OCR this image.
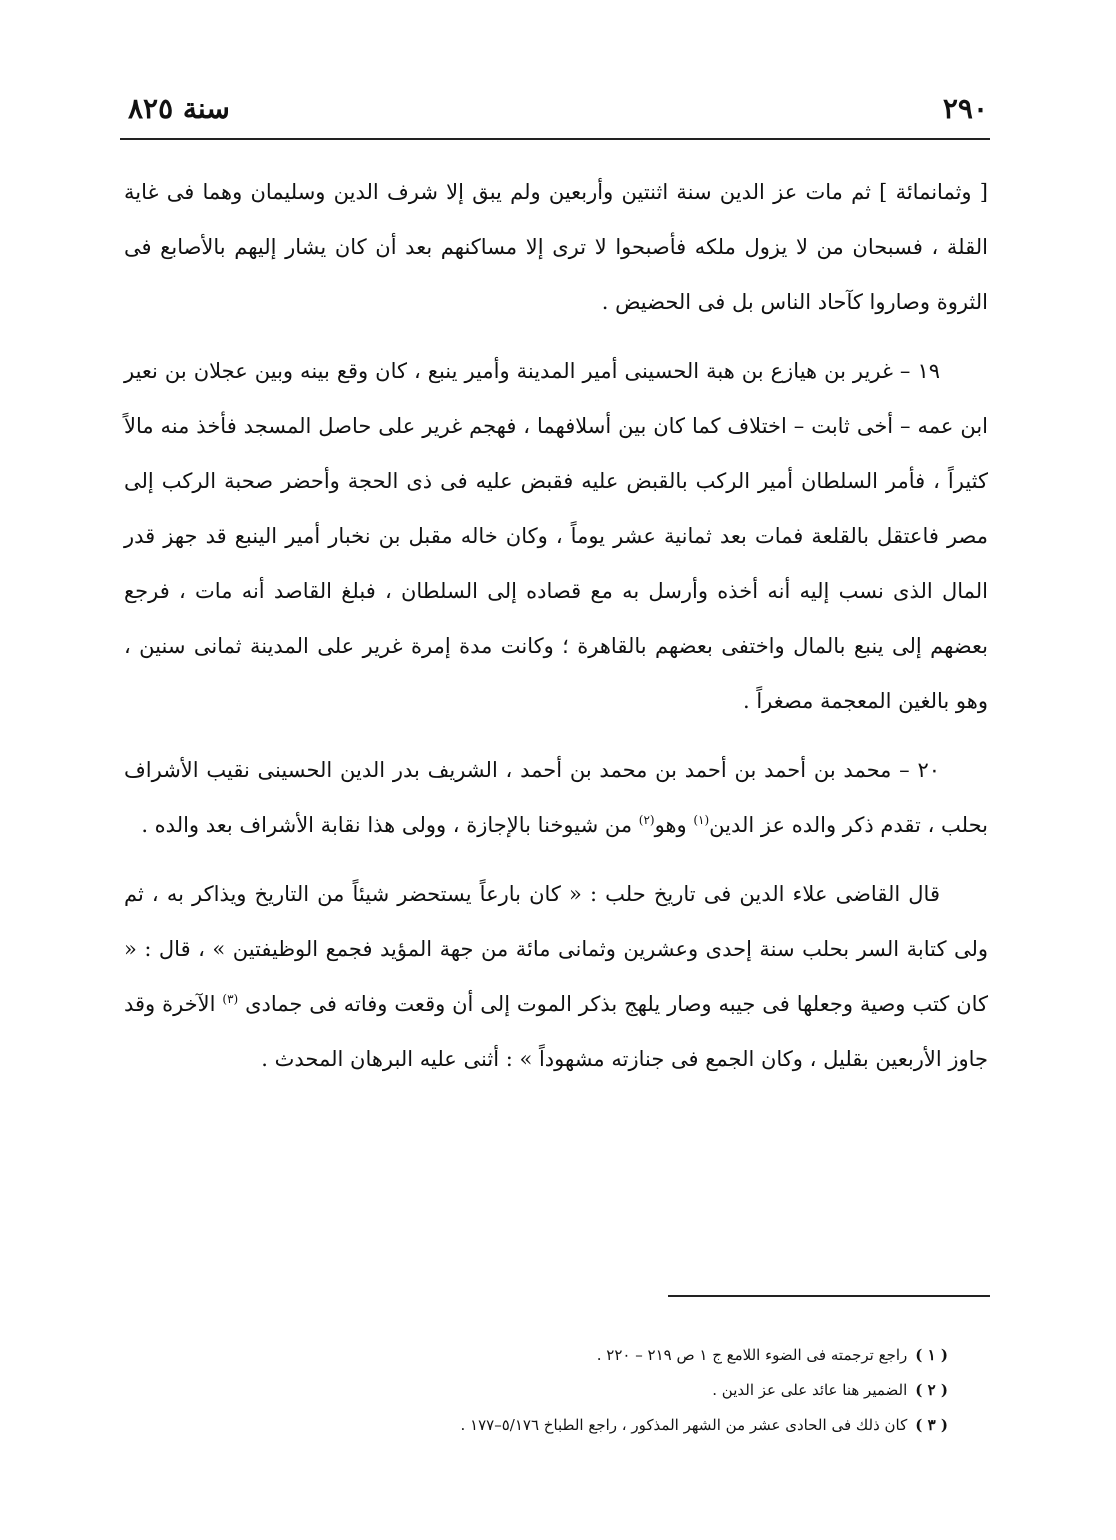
٢٩٠
سنة ٨٢٥

[ وثمانمائة ] ثم مات عز الدين سنة اثنتين وأربعين ولم يبق إلا شرف الدين وسليمان وهما فى غاية القلة ، فسبحان من لا يزول ملكه فأصبحوا لا ترى إلا مساكنهم بعد أن كان يشار إليهم بالأصابع فى الثروة وصاروا كآحاد الناس بل فى الحضيض .

١٩ – غرير بن هيازع بن هبة الحسينى أمير المدينة وأمير ينبع ، كان وقع بينه وبين عجلان بن نعير ابن عمه – أخى ثابت – اختلاف كما كان بين أسلافهما ، فهجم غرير على حاصل المسجد فأخذ منه مالاً كثيراً ، فأمر السلطان أمير الركب بالقبض عليه فقبض عليه فى ذى الحجة وأحضر صحبة الركب إلى مصر فاعتقل بالقلعة فمات بعد ثمانية عشر يوماً ، وكان خاله مقبل بن نخبار أمير الينبع قد جهز قدر المال الذى نسب إليه أنه أخذه وأرسل به مع قصاده إلى السلطان ، فبلغ القاصد أنه مات ، فرجع بعضهم إلى ينبع بالمال واختفى بعضهم بالقاهرة ؛ وكانت مدة إمرة غرير على المدينة ثمانى سنين ، وهو بالغين المعجمة مصغراً .

٢٠ – محمد بن أحمد بن أحمد بن محمد بن أحمد ، الشريف بدر الدين الحسينى نقيب الأشراف بحلب ، تقدم ذكر والده عز الدين$^{(١)}$ وهو$^{(٢)}$ من شيوخنا بالإجازة ، وولى هذا نقابة الأشراف بعد والده .

قال القاضى علاء الدين فى تاريخ حلب : « كان بارعاً يستحضر شيئاً من التاريخ ويذاكر به ، ثم ولى كتابة السر بحلب سنة إحدى وعشرين وثمانى مائة من جهة المؤيد فجمع الوظيفتين » ، قال : « كان كتب وصية وجعلها فى جيبه وصار يلهج بذكر الموت إلى أن وقعت وفاته فى جمادى $^{(٣)}$ الآخرة وقد جاوز الأربعين بقليل ، وكان الجمع فى جنازته مشهوداً » : أثنى عليه البرهان المحدث .

( ١ )راجع ترجمته فى الضوء اللامع ج ١ ص ٢١٩ – ٢٢٠ .
( ٢ )الضمير هنا عائد على عز الدين .
( ٣ )كان ذلك فى الحادى عشر من الشهر المذكور ، راجع الطباخ ٥/١٧٦–١٧٧ .
